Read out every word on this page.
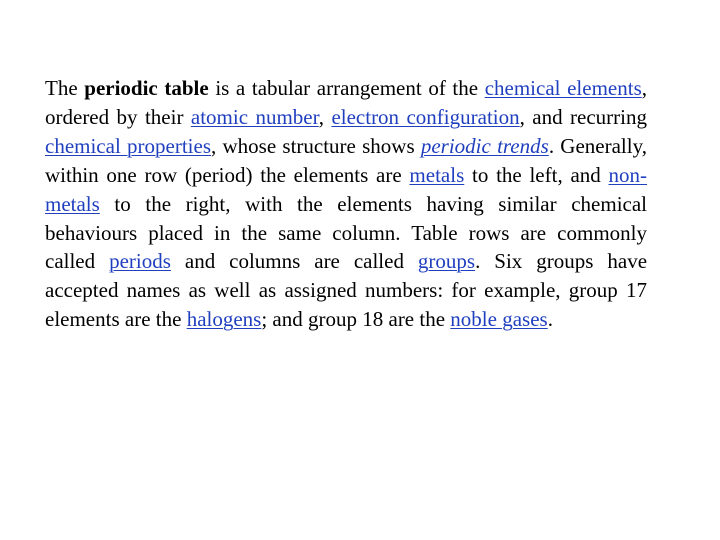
The periodic table is a tabular arrangement of the chemical elements, ordered by their atomic number, electron configuration, and recurring chemical properties, whose structure shows periodic trends. Generally, within one row (period) the elements are metals to the left, and non-metals to the right, with the elements having similar chemical behaviours placed in the same column. Table rows are commonly called periods and columns are called groups. Six groups have accepted names as well as assigned numbers: for example, group 17 elements are the halogens; and group 18 are the noble gases.
